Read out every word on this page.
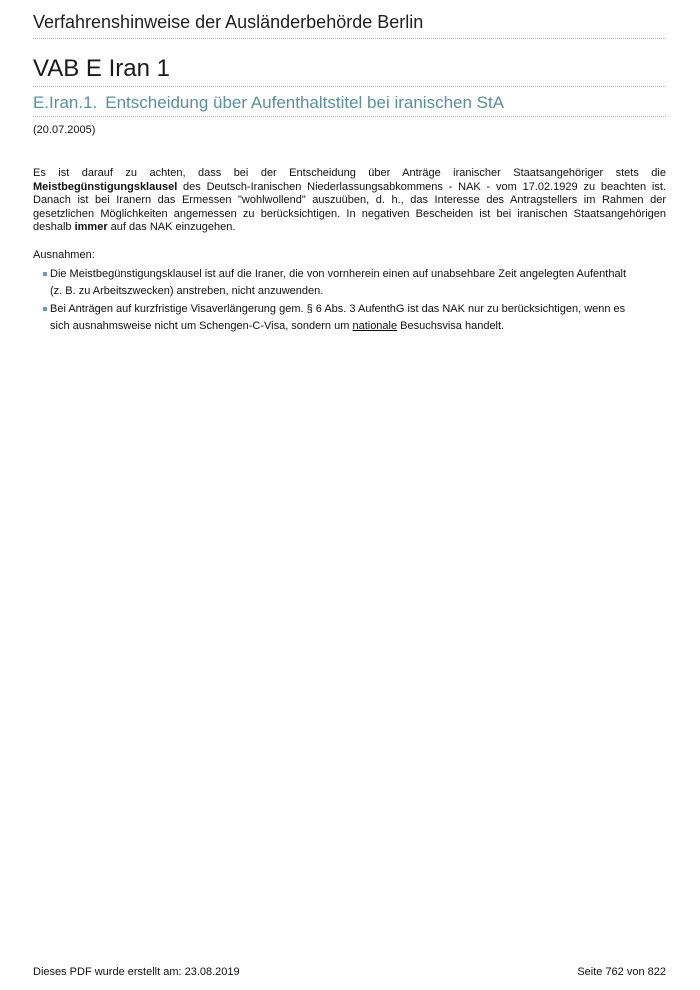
Verfahrenshinweise der Ausländerbehörde Berlin
VAB E Iran 1
E.Iran.1. Entscheidung über Aufenthaltstitel bei iranischen StA
(20.07.2005)

Es ist darauf zu achten, dass bei der Entscheidung über Anträge iranischer Staatsangehöriger stets die Meistbegünstigungsklausel des Deutsch-Iranischen Niederlassungsabkommens - NAK - vom 17.02.1929 zu beachten ist. Danach ist bei Iranern das Ermessen "wohlwollend" auszuüben, d. h., das Interesse des Antragstellers im Rahmen der gesetzlichen Möglichkeiten angemessen zu berücksichtigen. In negativen Bescheiden ist bei iranischen Staatsangehörigen deshalb immer auf das NAK einzugehen.

Ausnahmen:
Die Meistbegünstigungsklausel ist auf die Iraner, die von vornherein einen auf unabsehbare Zeit angelegten Aufenthalt
(z. B. zu Arbeitszwecken) anstreben, nicht anzuwenden.
Bei Anträgen auf kurzfristige Visaverlängerung gem. § 6 Abs. 3 AufenthG ist das NAK nur zu berücksichtigen, wenn es
sich ausnahmsweise nicht um Schengen-C-Visa, sondern um nationale Besuchsvisa handelt.
Dieses PDF wurde erstellt am: 23.08.2019	Seite 762 von 822
